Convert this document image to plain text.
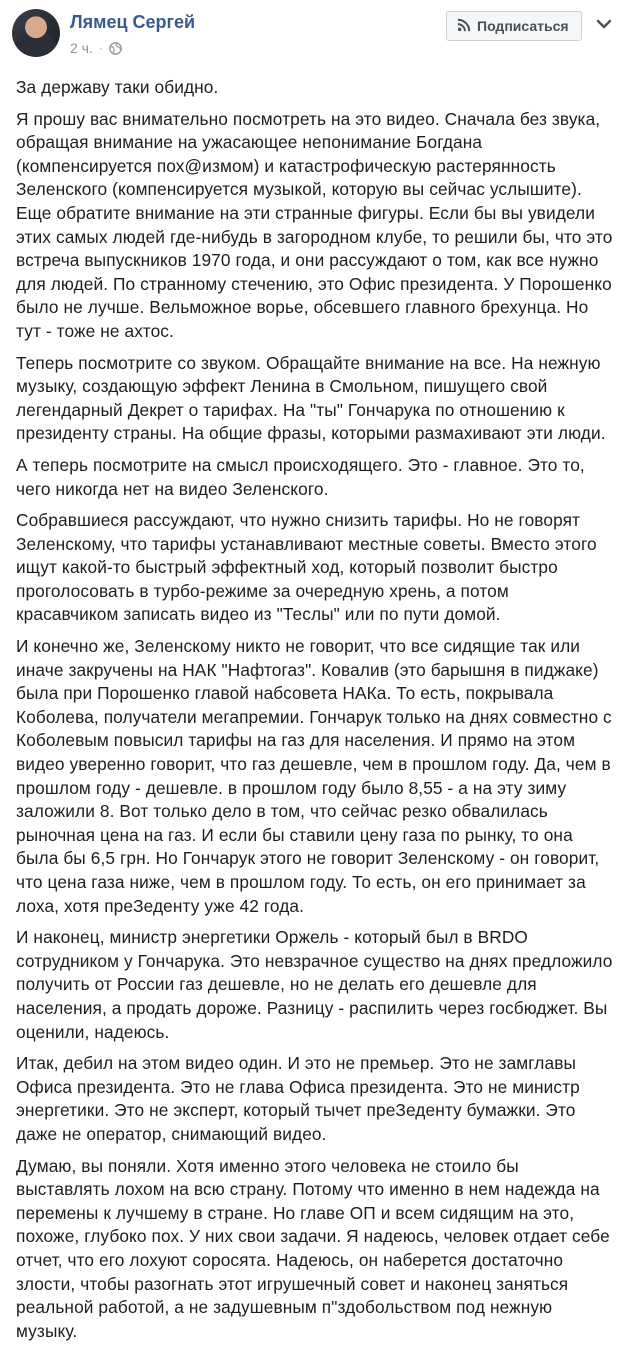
Лямец Сергей
2 ч. ·
Подписаться

За державу таки обидно.

Я прошу вас внимательно посмотреть на это видео. Сначала без звука, обращая внимание на ужасающее непонимание Богдана (компенсируется пох@измом) и катастрофическую растерянность Зеленского (компенсируется музыкой, которую вы сейчас услышите). Еще обратите внимание на эти странные фигуры. Если бы вы увидели этих самых людей где-нибудь в загородном клубе, то решили бы, что это встреча выпускников 1970 года, и они рассуждают о том, как все нужно для людей. По странному стечению, это Офис президента. У Порошенко было не лучше. Вельможное ворье, обсевшего главного брехунца. Но тут - тоже не ахтос.

Теперь посмотрите со звуком. Обращайте внимание на все. На нежную музыку, создающую эффект Ленина в Смольном, пишущего свой легендарный Декрет о тарифах. На "ты" Гончарука по отношению к президенту страны. На общие фразы, которыми размахивают эти люди.

А теперь посмотрите на смысл происходящего. Это - главное. Это то, чего никогда нет на видео Зеленского.

Собравшиеся рассуждают, что нужно снизить тарифы. Но не говорят Зеленскому, что тарифы устанавливают местные советы. Вместо этого ищут какой-то быстрый эффектный ход, который позволит быстро проголосовать в турбо-режиме за очередную хрень, а потом красавчиком записать видео из "Теслы" или по пути домой.

И конечно же, Зеленскому никто не говорит, что все сидящие так или иначе закручены на НАК "Нафтогаз". Ковалив (это барышня в пиджаке) была при Порошенко главой набсовета НАКа. То есть, покрывала Коболева, получатели мегапремии. Гончарук только на днях совместно с Коболевым повысил тарифы на газ для населения. И прямо на этом видео уверенно говорит, что газ дешевле, чем в прошлом году. Да, чем в прошлом году - дешевле. в прошлом году было 8,55 - а на эту зиму заложили 8. Вот только дело в том, что сейчас резко обвалилась рыночная цена на газ. И если бы ставили цену газа по рынку, то она была бы 6,5 грн. Но Гончарук этого не говорит Зеленскому - он говорит, что цена газа ниже, чем в прошлом году. То есть, он его принимает за лоха, хотя преЗеденту уже 42 года.

И наконец, министр энергетики Оржель - который был в BRDO сотрудником у Гончарука. Это невзрачное существо на днях предложило получить от России газ дешевле, но не делать его дешевле для населения, а продать дороже. Разницу - распилить через госбюджет. Вы оценили, надеюсь.

Итак, дебил на этом видео один. И это не премьер. Это не замглавы Офиса президента. Это не глава Офиса президента. Это не министр энергетики. Это не эксперт, который тычет преЗеденту бумажки. Это даже не оператор, снимающий видео.

Думаю, вы поняли. Хотя именно этого человека не стоило бы выставлять лохом на всю страну. Потому что именно в нем надежда на перемены к лучшему в стране. Но главе ОП и всем сидящим на это, похоже, глубоко пох. У них свои задачи. Я надеюсь, человек отдает себе отчет, что его лохуют соросята. Надеюсь, он наберется достаточно злости, чтобы разогнать этот игрушечный совет и наконец заняться реальной работой, а не задушевным п"здобольством под нежную музыку.
